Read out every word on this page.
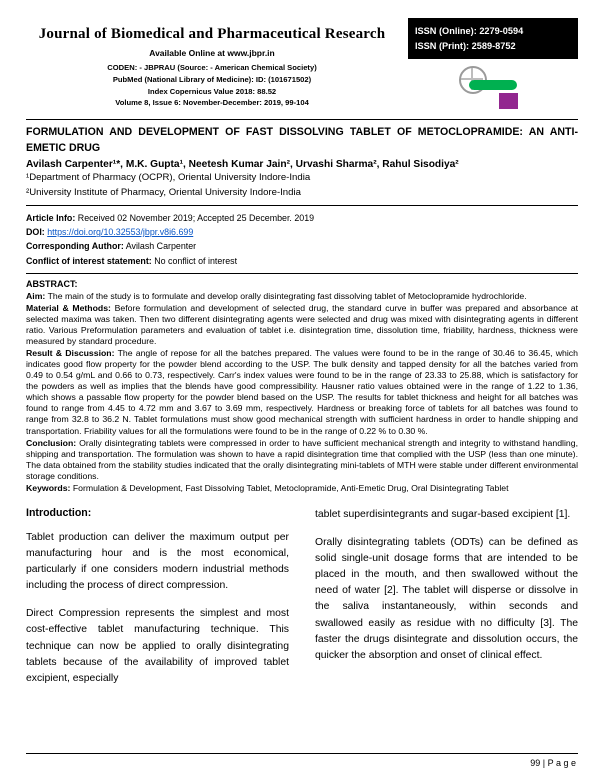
Journal of Biomedical and Pharmaceutical Research
Available Online at www.jbpr.in
CODEN: - JBPRAU (Source: - American Chemical Society)
PubMed (National Library of Medicine): ID: (101671502)
Index Copernicus Value 2018: 88.52
Volume 8, Issue 6: November-December: 2019, 99-104
ISSN (Online): 2279-0594
ISSN (Print): 2589-8752
FORMULATION AND DEVELOPMENT OF FAST DISSOLVING TABLET OF METOCLOPRAMIDE: AN ANTI-EMETIC DRUG
Avilash Carpenter¹*, M.K. Gupta¹, Neetesh Kumar Jain², Urvashi Sharma², Rahul Sisodiya²
¹Department of Pharmacy (OCPR), Oriental University Indore-India
²University Institute of Pharmacy, Oriental University Indore-India
Article Info: Received 02 November 2019; Accepted 25 December. 2019
DOI: https://doi.org/10.32553/jbpr.v8i6.699
Corresponding Author: Avilash Carpenter
Conflict of interest statement: No conflict of interest
ABSTRACT:

Aim: The main of the study is to formulate and develop orally disintegrating fast dissolving tablet of Metoclopramide hydrochloride.

Material & Methods: Before formulation and development of selected drug, the standard curve in buffer was prepared and absorbance at selected maxima was taken. Then two different disintegrating agents were selected and drug was mixed with disintegrating agents in different ratio. Various Preformulation parameters and evaluation of tablet i.e. disintegration time, dissolution time, friability, hardness, thickness were measured by standard procedure.

Result & Discussion: The angle of repose for all the batches prepared. The values were found to be in the range of 30.46 to 36.45, which indicates good flow property for the powder blend according to the USP. The bulk density and tapped density for all the batches varied from 0.49 to 0.54 g/mL and 0.66 to 0.73, respectively. Carr's index values were found to be in the range of 23.33 to 25.88, which is satisfactory for the powders as well as implies that the blends have good compressibility. Hausner ratio values obtained were in the range of 1.22 to 1.36, which shows a passable flow property for the powder blend based on the USP. The results for tablet thickness and height for all batches was found to range from 4.45 to 4.72 mm and 3.67 to 3.69 mm, respectively. Hardness or breaking force of tablets for all batches was found to range from 32.8 to 36.2 N. Tablet formulations must show good mechanical strength with sufficient hardness in order to handle shipping and transportation. Friability values for all the formulations were found to be in the range of 0.22 % to 0.30 %.

Conclusion: Orally disintegrating tablets were compressed in order to have sufficient mechanical strength and integrity to withstand handling, shipping and transportation. The formulation was shown to have a rapid disintegration time that complied with the USP (less than one minute). The data obtained from the stability studies indicated that the orally disintegrating mini-tablets of MTH were stable under different environmental storage conditions.

Keywords: Formulation & Development, Fast Dissolving Tablet, Metoclopramide, Anti-Emetic Drug, Oral Disintegrating Tablet

Introduction:

Tablet production can deliver the maximum output per manufacturing hour and is the most economical, particularly if one considers modern industrial methods including the process of direct compression.

Direct Compression represents the simplest and most cost-effective tablet manufacturing technique. This technique can now be applied to orally disintegrating tablets because of the availability of improved tablet excipient, especially

tablet superdisintegrants and sugar-based excipient [1].

Orally disintegrating tablets (ODTs) can be defined as solid single-unit dosage forms that are intended to be placed in the mouth, and then swallowed without the need of water [2]. The tablet will disperse or dissolve in the saliva instantaneously, within seconds and swallowed easily as residue with no difficulty [3]. The faster the drugs disintegrate and dissolution occurs, the quicker the absorption and onset of clinical effect.

99 | P a g e
